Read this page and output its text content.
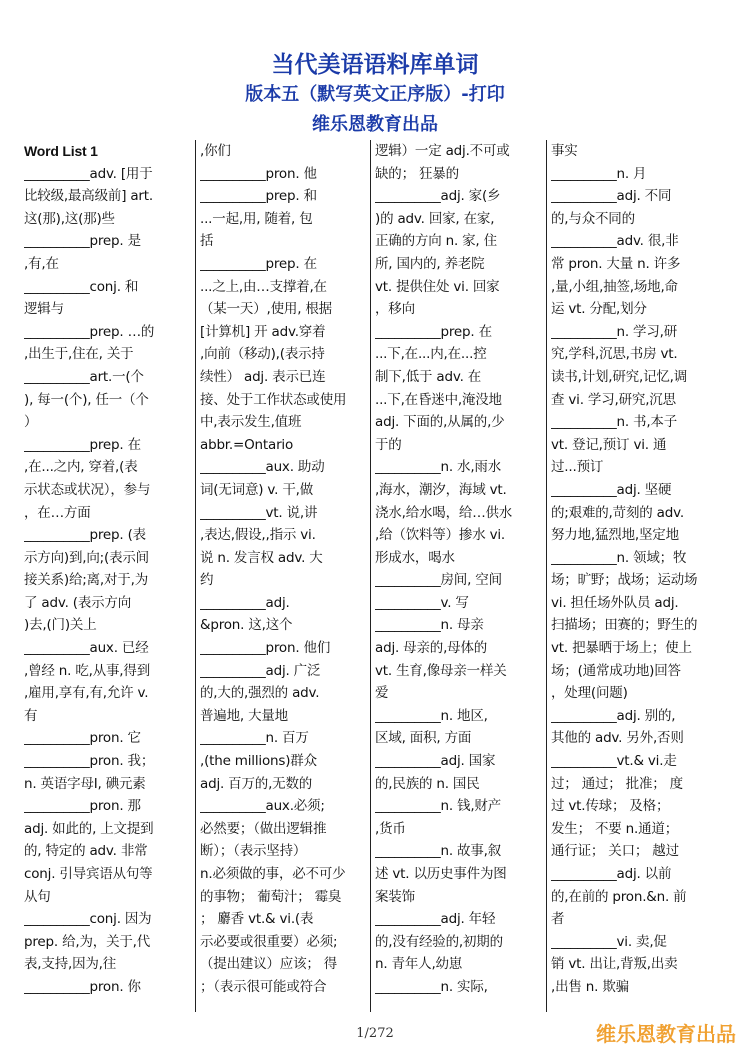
当代美语语料库单词
版本五（默写英文正序版）-打印
维乐恩教育出品
Word List 1
__________adv. [用于
比较级,最高级前] art.
这(那),这(那)些
__________prep. 是
,有,在
__________conj. 和
逻辑与
__________prep. …的
,出生于,住在, 关于
__________art.一(个
), 每一(个), 任一（个
）
__________prep. 在
,在...之内, 穿着,(表
示状态或状况），参与
，在…方面
__________prep. (表
示方向)到,向;(表示间
接关系)给;离,对于,为
了 adv. (表示方向
)去,(门)关上
__________aux. 已经
,曾经 n. 吃,从事,得到
,雇用,享有,有,允许 v.
有
__________pron. 它
__________pron. 我；
n. 英语字母I, 碘元素
__________pron. 那
adj. 如此的, 上文提到
的, 特定的 adv. 非常
conj. 引导宾语从句等
从句
__________conj. 因为
prep. 给,为，关于,代
表,支持,因为,往
__________pron. 你
,你们
__________pron. 他
__________prep. 和
...一起,用, 随着, 包
括
__________prep. 在
...之上,由…支撑着,在
（某一天）,使用, 根据
[计算机] 开 adv.穿着
,向前（移动),(表示持
续性） adj. 表示已连
接、处于工作状态或使用
中,表示发生,值班
abbr.=Ontario
__________aux. 助动
词(无词意) v. 干,做
__________vt. 说,讲
,表达,假设,,指示 vi.
说 n. 发言权 adv. 大
约
__________adj.
&pron. 这,这个
__________pron. 他们
__________adj. 广泛
的,大的,强烈的 adv.
普遍地, 大量地
__________n. 百万
,(the millions)群众
adj. 百万的,无数的
__________aux.必须;
必然要；（做出逻辑推
断）；（表示坚持）
n.必须做的事，必不可少
的事物； 葡萄汁； 霉臭
； 麝香 vt.& vi.(表
示必要或很重要）必须;
（提出建议）应该； 得
；（表示很可能或符合
逻辑）一定 adj.不可或
缺的； 狂暴的
__________adj. 家(乡
)的 adv. 回家, 在家,
正确的方向 n. 家, 住
所, 国内的, 养老院
vt. 提供住处 vi. 回家
，移向
__________prep. 在
...下,在...内,在...控
制下,低于 adv. 在
...下,在昏迷中,淹没地
adj. 下面的,从属的,少
于的
__________n. 水,雨水
,海水，潮汐，海域 vt.
浇水,给水喝，给…供水
,给（饮料等）掺水 vi.
形成水，喝水
__________房间, 空间
__________v. 写
__________n. 母亲
adj. 母亲的,母体的
vt. 生育,像母亲一样关
爱
__________n. 地区,
区域, 面积, 方面
__________adj. 国家
的,民族的 n. 国民
__________n. 钱,财产
,货币
__________n. 故事,叙
述 vt. 以历史事件为图
案装饰
__________adj. 年轻
的,没有经验的,初期的
n. 青年人,幼崽
__________n. 实际,
事实
__________n. 月
__________adj. 不同
的,与众不同的
__________adv. 很,非
常 pron. 大量 n. 许多
,量,小组,抽签,场地,命
运 vt. 分配,划分
__________n. 学习,研
究,学科,沉思,书房 vt.
读书,计划,研究,记忆,调
查 vi. 学习,研究,沉思
__________n. 书,本子
vt. 登记,预订 vi. 通
过...预订
__________adj. 坚硬
的;艰难的,苛刻的 adv.
努力地,猛烈地,坚定地
__________n. 领域；牧
场；旷野；战场；运动场
vi. 担任场外队员 adj.
扫描场；田赛的；野生的
vt. 把暴晒于场上；使上
场；(通常成功地)回答
，处理(问题)
__________adj. 别的,
其他的 adv. 另外,否则
__________vt.& vi.走
过； 通过； 批准； 度
过 vt.传球； 及格；
发生； 不要 n.通道；
通行证； 关口； 越过
__________adj. 以前
的,在前的 pron.&n. 前
者
__________vi. 卖,促
销 vt. 出让,背叛,出卖
,出售 n. 欺骗
1/272	维乐恩教育出品
